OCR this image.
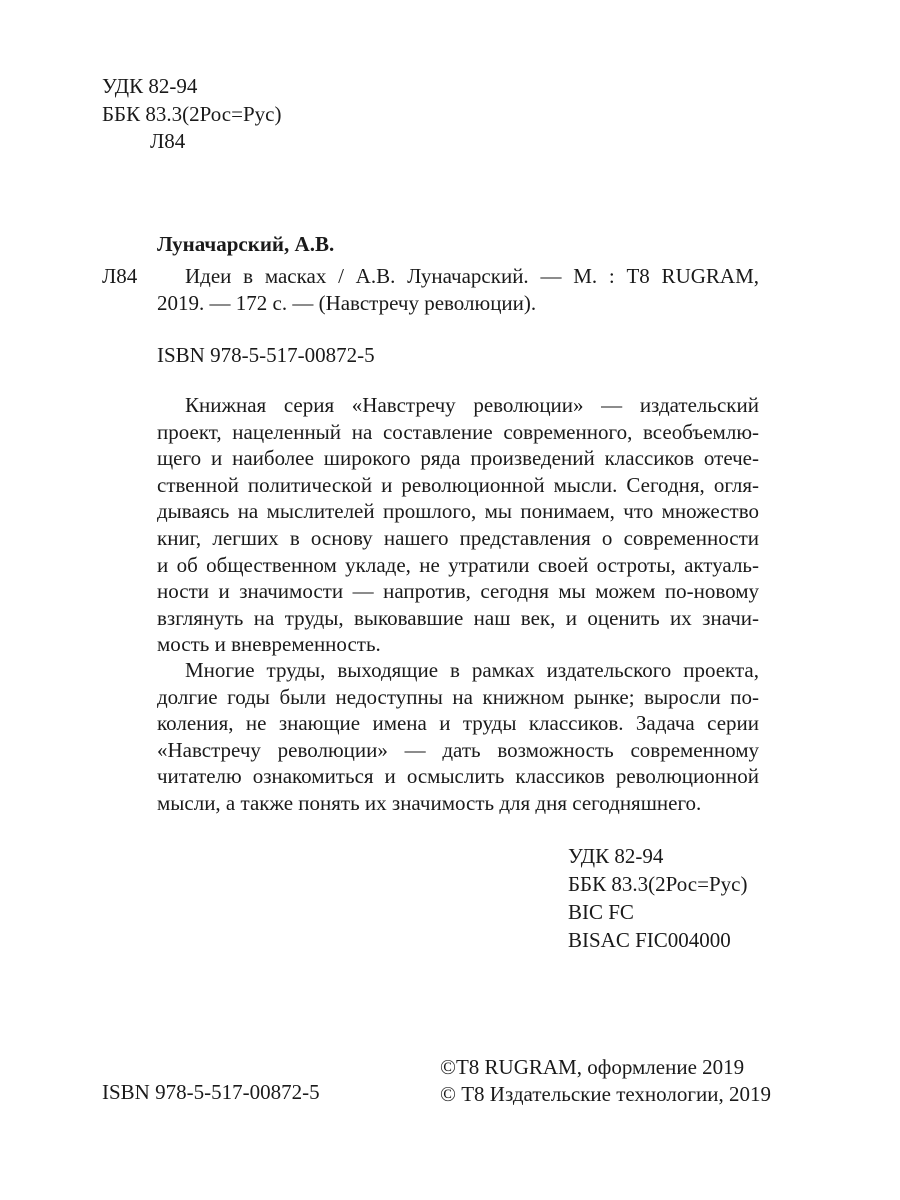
УДК 82-94
ББК 83.3(2Рос=Рус)
Л84
Луначарский, А.В.
Л84 Идеи в масках / А.В. Луначарский. — М. : Т8 RUGRAM,
2019. — 172 с. — (Навстречу революции).
ISBN 978-5-517-00872-5
Книжная серия «Навстречу революции» — издательский
проект, нацеленный на составление современного, всеобъемлю-
щего и наиболее широкого ряда произведений классиков отече-
ственной политической и революционной мысли. Сегодня, огля-
дываясь на мыслителей прошлого, мы понимаем, что множество
книг, легших в основу нашего представления о современности
и об общественном укладе, не утратили своей остроты, актуаль-
ности и значимости — напротив, сегодня мы можем по-новому
взглянуть на труды, выковавшие наш век, и оценить их значи-
мость и вневременность.
Многие труды, выходящие в рамках издательского проекта,
долгие годы были недоступны на книжном рынке; выросли по-
коления, не знающие имена и труды классиков. Задача серии
«Навстречу революции» — дать возможность современному
читателю ознакомиться и осмыслить классиков революционной
мысли, а также понять их значимость для дня сегодняшнего.
УДК 82-94
ББК 83.3(2Рос=Рус)
BIC FC
BISAC FIC004000
ISBN 978-5-517-00872-5
©Т8 RUGRAM, оформление 2019
© Т8 Издательские технологии, 2019
